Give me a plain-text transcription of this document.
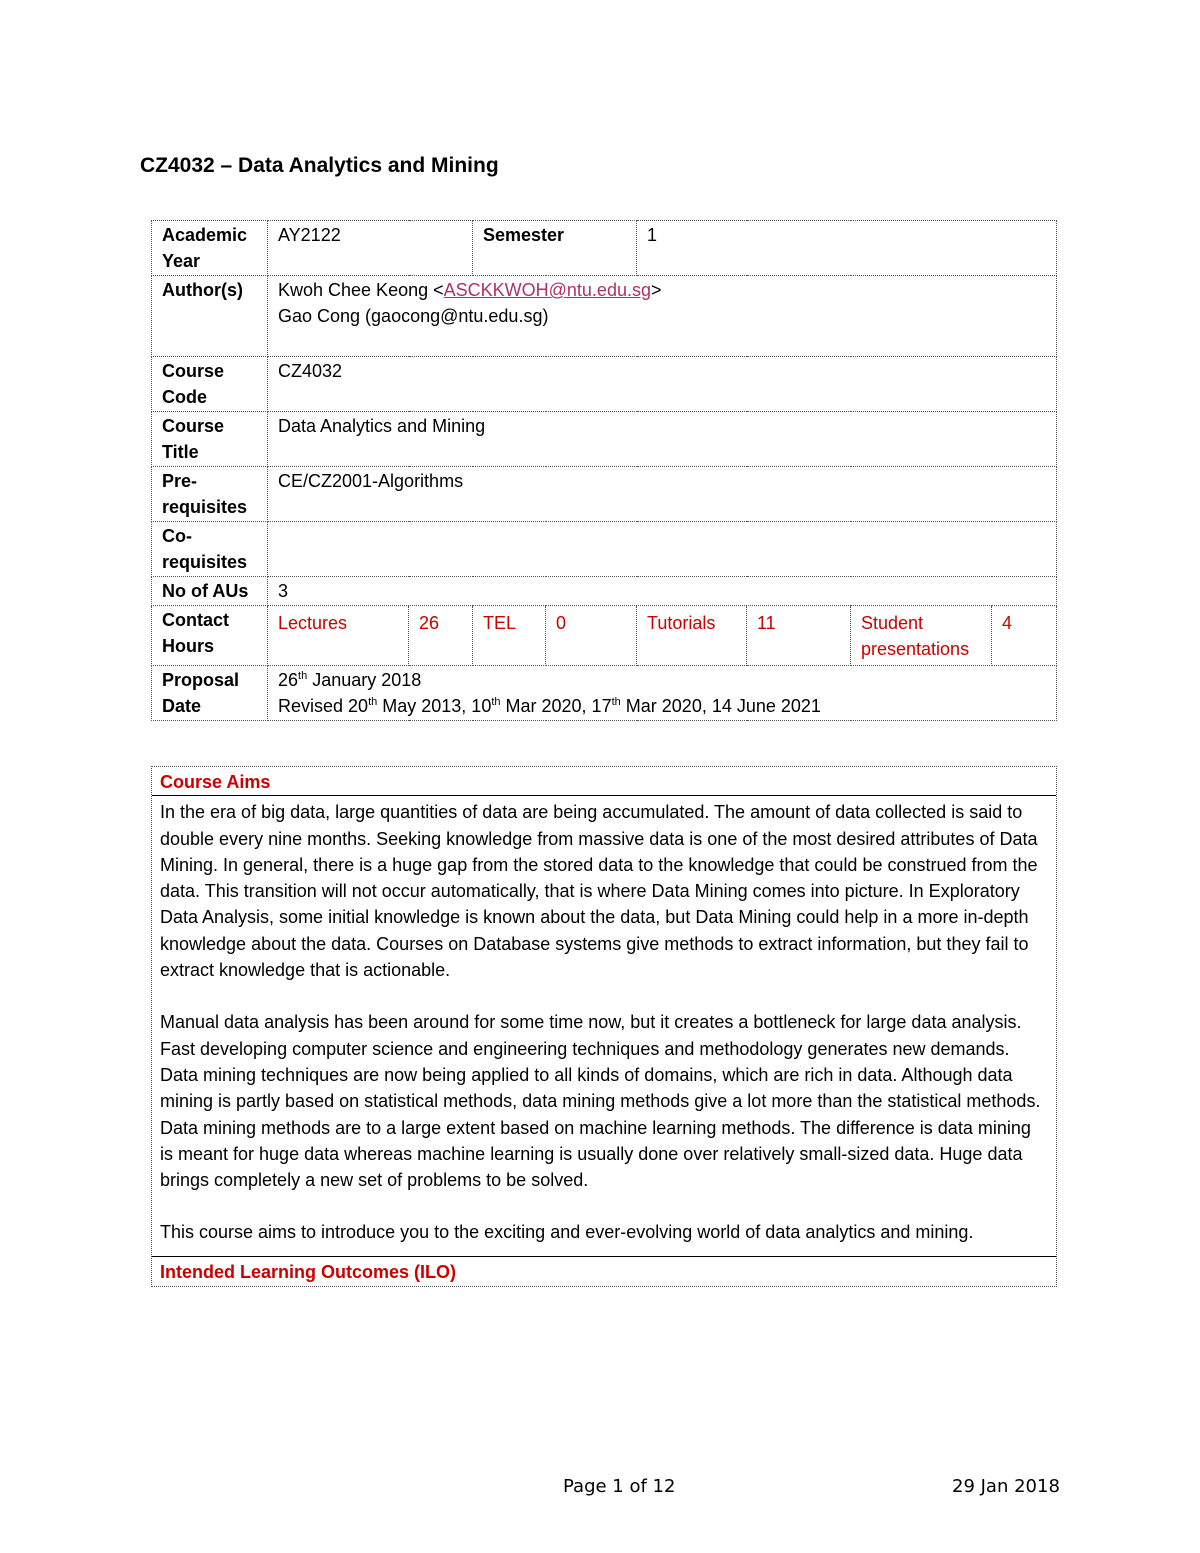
CZ4032 – Data Analytics and Mining
Academic Year	AY2122		Semester		1			
Author(s)	Kwoh Chee Keong <ASCKKWOH@ntu.edu.sg>
Gao Cong (gaocong@ntu.edu.sg)							

Course Code	CZ4032							
Course Title	Data Analytics and Mining							
Pre-requisites	CE/CZ2001-Algorithms							
Co-requisites								
No of AUs	3							
Contact Hours	Lectures	26	TEL	0	Tutorials	11	Student presentations	4
Proposal Date	26th January 2018
Revised 20th May 2013, 10th Mar 2020, 17th Mar 2020, 14 June 2021							
Course Aims

In the era of big data, large quantities of data are being accumulated. The amount of data collected is said to double every nine months. Seeking knowledge from massive data is one of the most desired attributes of Data Mining. In general, there is a huge gap from the stored data to the knowledge that could be construed from the data. This transition will not occur automatically, that is where Data Mining comes into picture. In Exploratory Data Analysis, some initial knowledge is known about the data, but Data Mining could help in a more in-depth knowledge about the data. Courses on Database systems give methods to extract information, but they fail to extract knowledge that is actionable.

Manual data analysis has been around for some time now, but it creates a bottleneck for large data analysis. Fast developing computer science and engineering techniques and methodology generates new demands. Data mining techniques are now being applied to all kinds of domains, which are rich in data. Although data mining is partly based on statistical methods, data mining methods give a lot more than the statistical methods. Data mining methods are to a large extent based on machine learning methods. The difference is data mining is meant for huge data whereas machine learning is usually done over relatively small-sized data. Huge data brings completely a new set of problems to be solved.

This course aims to introduce you to the exciting and ever-evolving world of data analytics and mining.

Intended Learning Outcomes (ILO)
Page 1 of 12	29 Jan 2018
